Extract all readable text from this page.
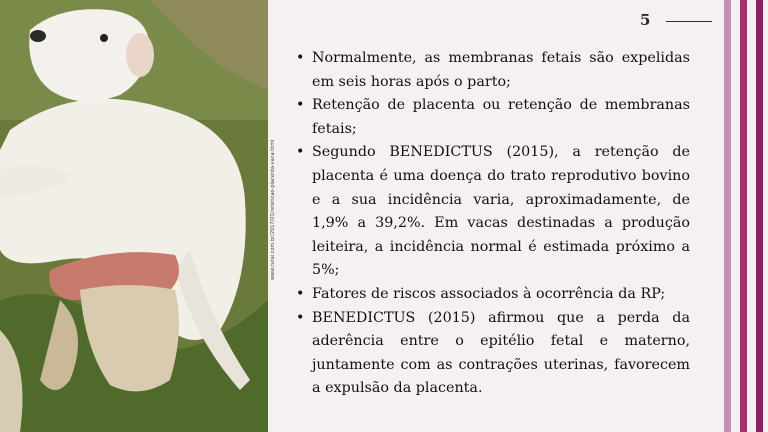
www.rurai.com.br/2017/01/retencao-placenta-vaca.html
5
• Normalmente, as membranas fetais são expelidas em seis horas após o parto;
• Retenção de placenta ou retenção de membranas fetais;
• Segundo BENEDICTUS (2015), a retenção de placenta é uma doença do trato reprodutivo bovino e a sua incidência varia, aproximadamente, de 1,9% a 39,2%. Em vacas destinadas a produção leiteira, a incidência normal é estimada próximo a 5%;
• Fatores de riscos associados à ocorrência da RP;
• BENEDICTUS (2015) afirmou que a perda da aderência entre o epitélio fetal e materno, juntamente com as contrações uterinas, favorecem a expulsão da placenta.
